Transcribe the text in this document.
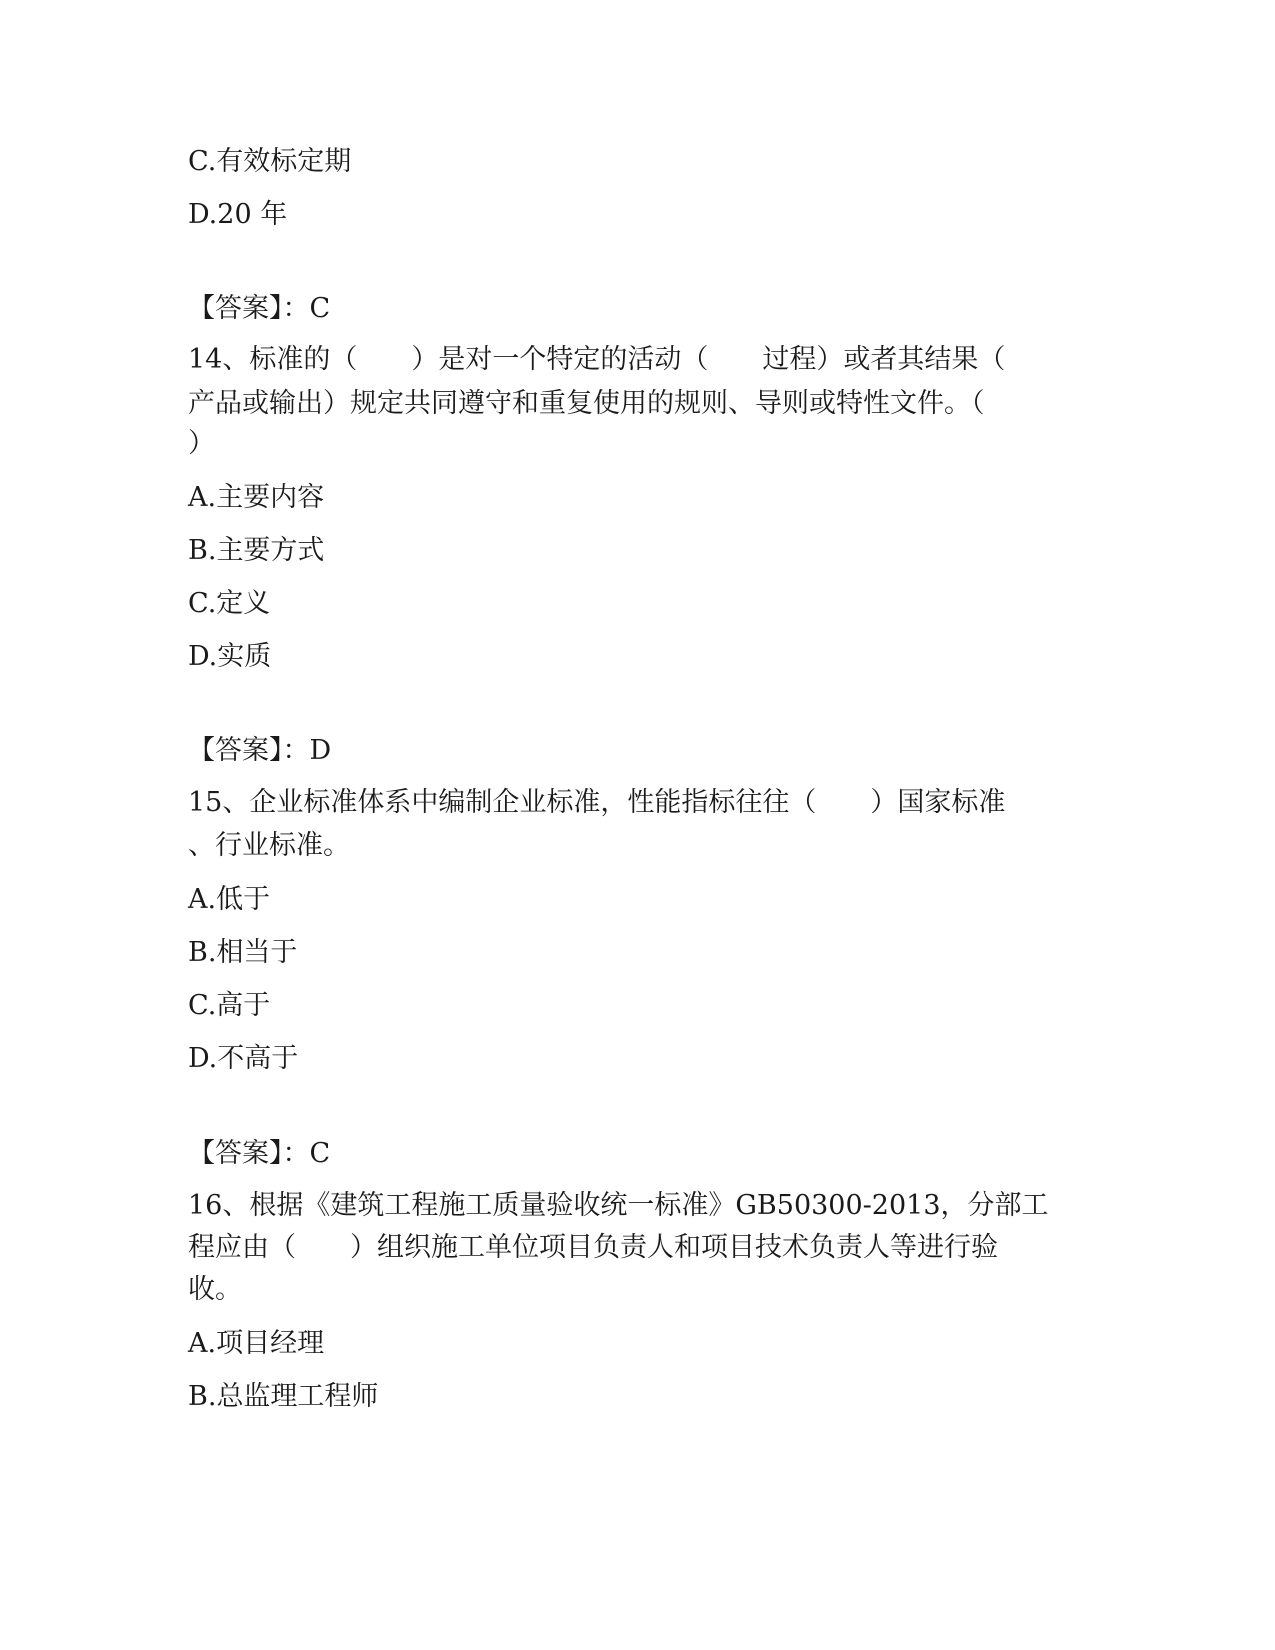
C.有效标定期
D.20 年
【答案】：C
14、标准的（　　）是对一个特定的活动（　　过程）或者其结果（
产品或输出）规定共同遵守和重复使用的规则、导则或特性文件。（
）
A.主要内容
B.主要方式
C.定义
D.实质
【答案】：D
15、企业标准体系中编制企业标准，性能指标往往（　　）国家标准
、行业标准。
A.低于
B.相当于
C.高于
D.不高于
【答案】：C
16、根据《建筑工程施工质量验收统一标准》GB50300-2013，分部工
程应由（　　）组织施工单位项目负责人和项目技术负责人等进行验
收。
A.项目经理
B.总监理工程师
